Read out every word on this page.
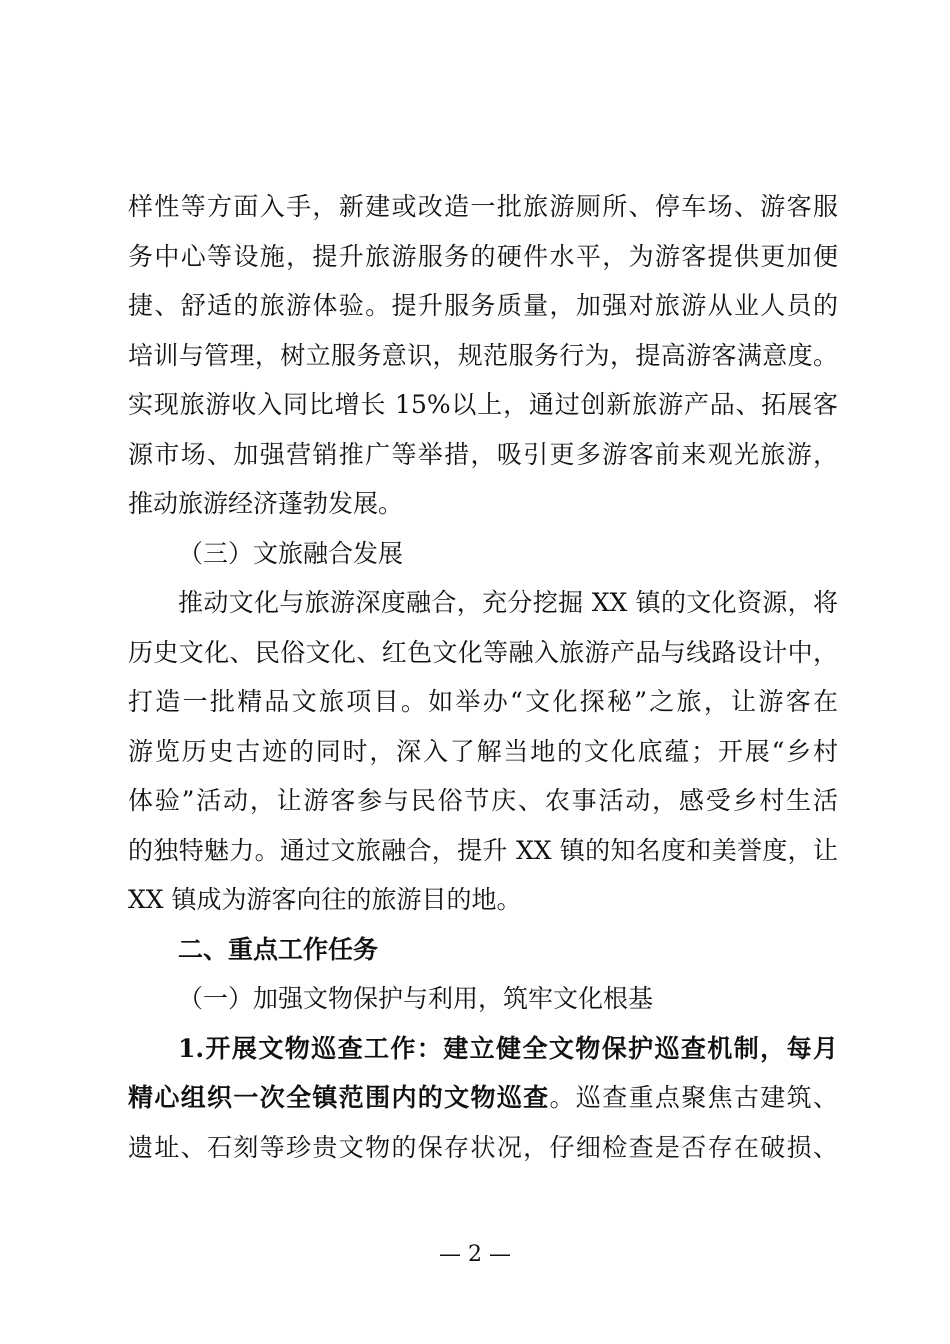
样性等方面入手，新建或改造一批旅游厕所、停车场、游客服
务中心等设施，提升旅游服务的硬件水平，为游客提供更加便
捷、舒适的旅游体验。提升服务质量，加强对旅游从业人员的
培训与管理，树立服务意识，规范服务行为，提高游客满意度。
实现旅游收入同比增长 15%以上，通过创新旅游产品、拓展客
源市场、加强营销推广等举措，吸引更多游客前来观光旅游，
推动旅游经济蓬勃发展。
（三）文旅融合发展
推动文化与旅游深度融合，充分挖掘 XX 镇的文化资源，将
历史文化、民俗文化、红色文化等融入旅游产品与线路设计中，
打造一批精品文旅项目。如举办“文化探秘”之旅，让游客在
游览历史古迹的同时，深入了解当地的文化底蕴；开展“乡村
体验”活动，让游客参与民俗节庆、农事活动，感受乡村生活
的独特魅力。通过文旅融合，提升 XX 镇的知名度和美誉度，让
XX 镇成为游客向往的旅游目的地。
二、重点工作任务
（一）加强文物保护与利用，筑牢文化根基
1.开展文物巡查工作：建立健全文物保护巡查机制，每月
精心组织一次全镇范围内的文物巡查。巡查重点聚焦古建筑、
遗址、石刻等珍贵文物的保存状况，仔细检查是否存在破损、
— 2 —
